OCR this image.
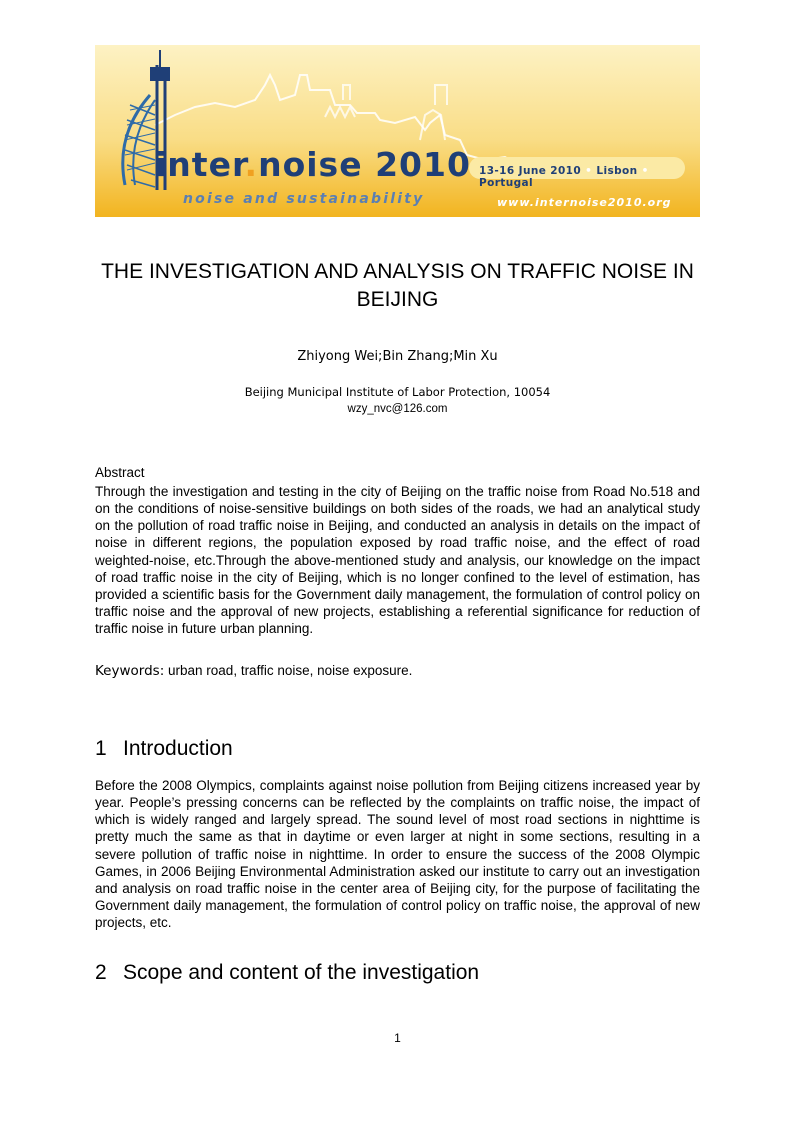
inter.noise 2010
noise and sustainability
13-16 June 2010 • Lisbon • Portugal
www.internoise2010.org
THE INVESTIGATION AND ANALYSIS ON TRAFFIC NOISE IN BEIJING
Zhiyong Wei;Bin Zhang;Min Xu
Beijing Municipal Institute of Labor Protection, 10054
wzy_nvc@126.com
Abstract

Through the investigation and testing in the city of Beijing on the traffic noise from Road No.518 and on the conditions of noise-sensitive buildings on both sides of the roads, we had an analytical study on the pollution of road traffic noise in Beijing, and conducted an analysis in details on the impact of noise in different regions, the population exposed by road traffic noise, and the effect of road weighted-noise, etc.Through the above-mentioned study and analysis, our knowledge on the impact of road traffic noise in the city of Beijing, which is no longer confined to the level of estimation, has provided a scientific basis for the Government daily management, the formulation of control policy on traffic noise and the approval of new projects, establishing a referential significance for reduction of traffic noise in future urban planning.

Keywords: urban road, traffic noise, noise exposure.
1 Introduction

Before the 2008 Olympics, complaints against noise pollution from Beijing citizens increased year by year. People’s pressing concerns can be reflected by the complaints on traffic noise, the impact of which is widely ranged and largely spread. The sound level of most road sections in nighttime is pretty much the same as that in daytime or even larger at night in some sections, resulting in a severe pollution of traffic noise in nighttime. In order to ensure the success of the 2008 Olympic Games, in 2006 Beijing Environmental Administration asked our institute to carry out an investigation and analysis on road traffic noise in the center area of Beijing city, for the purpose of facilitating the Government daily management, the formulation of control policy on traffic noise, the approval of new projects, etc.

2 Scope and content of the investigation
1
